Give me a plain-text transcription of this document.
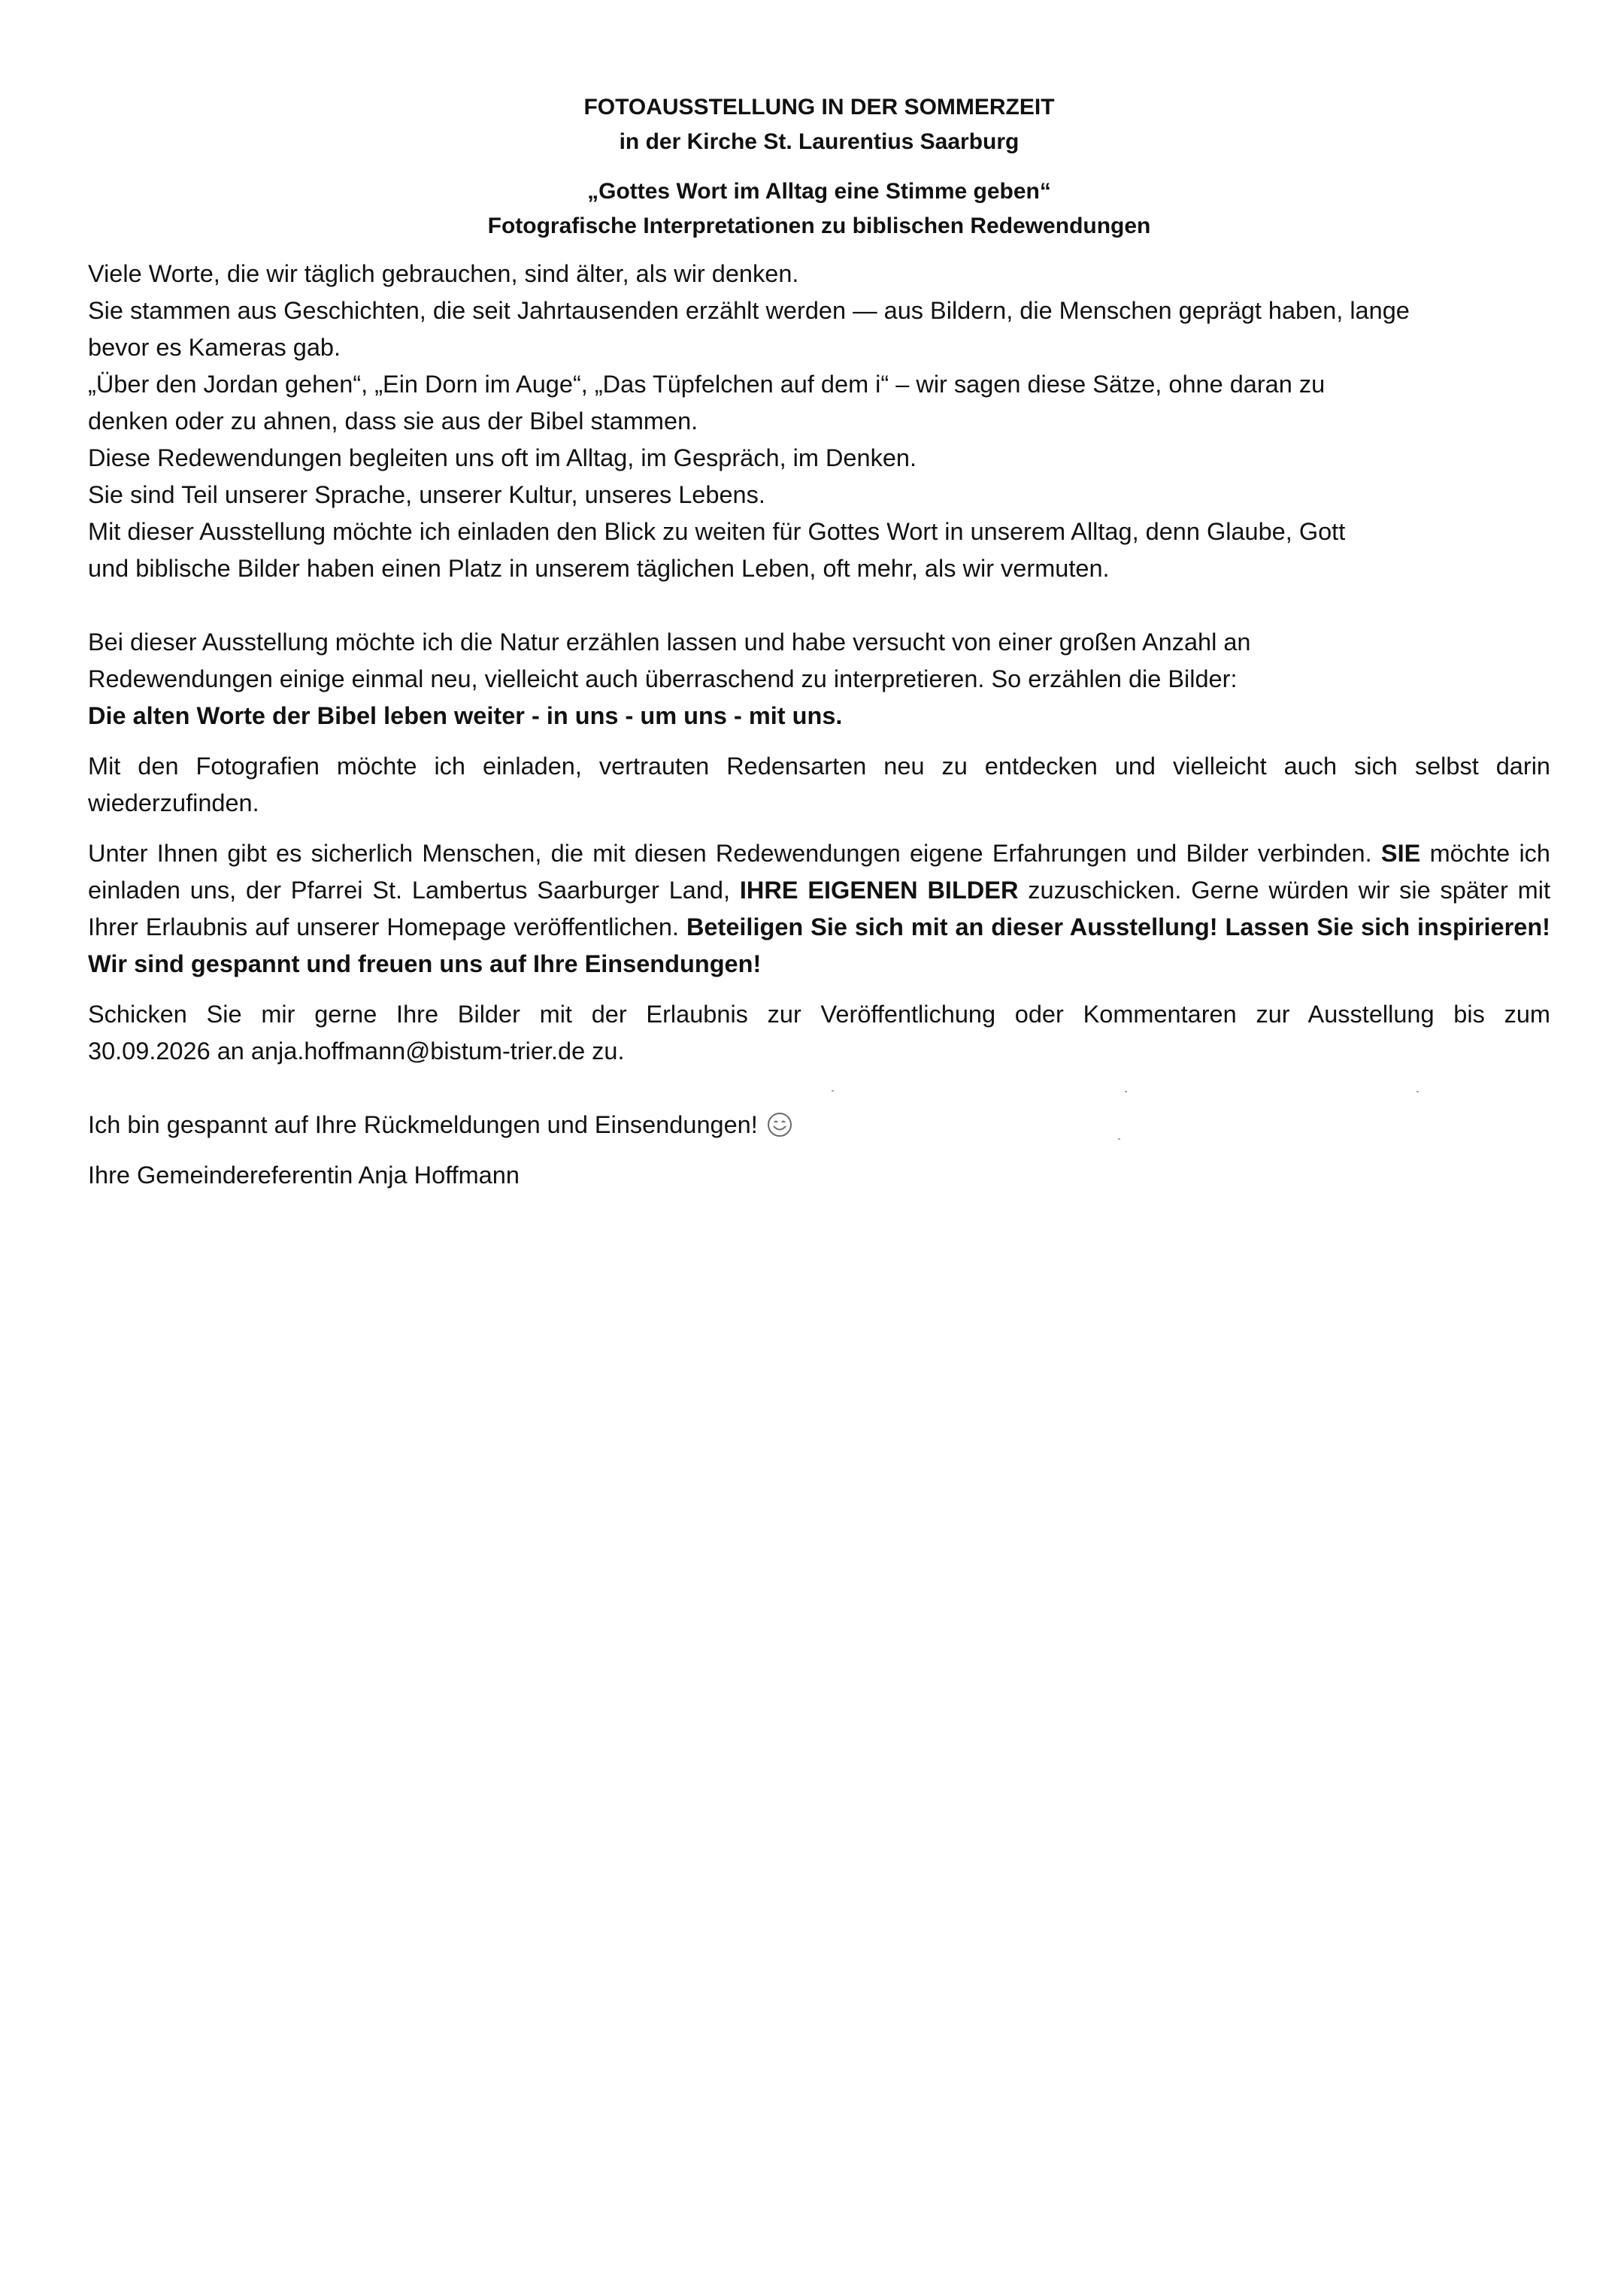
FOTOAUSSTELLUNG IN DER SOMMERZEIT
in der Kirche St. Laurentius Saarburg
„Gottes Wort im Alltag eine Stimme geben“
Fotografische Interpretationen zu biblischen Redewendungen
Viele Worte, die wir täglich gebrauchen, sind älter, als wir denken.
Sie stammen aus Geschichten, die seit Jahrtausenden erzählt werden — aus Bildern, die Menschen geprägt haben, lange
bevor es Kameras gab.
„Über den Jordan gehen“, „Ein Dorn im Auge“, „Das Tüpfelchen auf dem i“ – wir sagen diese Sätze, ohne daran zu
denken oder zu ahnen, dass sie aus der Bibel stammen.
Diese Redewendungen begleiten uns oft im Alltag, im Gespräch, im Denken.
Sie sind Teil unserer Sprache, unserer Kultur, unseres Lebens.
Mit dieser Ausstellung möchte ich einladen den Blick zu weiten für Gottes Wort in unserem Alltag, denn Glaube, Gott
und biblische Bilder haben einen Platz in unserem täglichen Leben, oft mehr, als wir vermuten.
Bei dieser Ausstellung möchte ich die Natur erzählen lassen und habe versucht von einer großen Anzahl an
Redewendungen einige einmal neu, vielleicht auch überraschend zu interpretieren. So erzählen die Bilder:
Die alten Worte der Bibel leben weiter - in uns - um uns - mit uns.

Mit den Fotografien möchte ich einladen, vertrauten Redensarten neu zu entdecken und vielleicht auch sich selbst darin wiederzufinden.

Unter Ihnen gibt es sicherlich Menschen, die mit diesen Redewendungen eigene Erfahrungen und Bilder verbinden. SIE möchte ich einladen uns, der Pfarrei St. Lambertus Saarburger Land, IHRE EIGENEN BILDER zuzuschicken. Gerne würden wir sie später mit Ihrer Erlaubnis auf unserer Homepage veröffentlichen. Beteiligen Sie sich mit an dieser Ausstellung! Lassen Sie sich inspirieren! Wir sind gespannt und freuen uns auf Ihre Einsendungen!

Schicken Sie mir gerne Ihre Bilder mit der Erlaubnis zur Veröffentlichung oder Kommentaren zur Ausstellung bis zum
30.09.2026 an anja.hoffmann@bistum-trier.de zu.

Ich bin gespannt auf Ihre Rückmeldungen und Einsendungen!

Ihre Gemeindereferentin Anja Hoffmann
